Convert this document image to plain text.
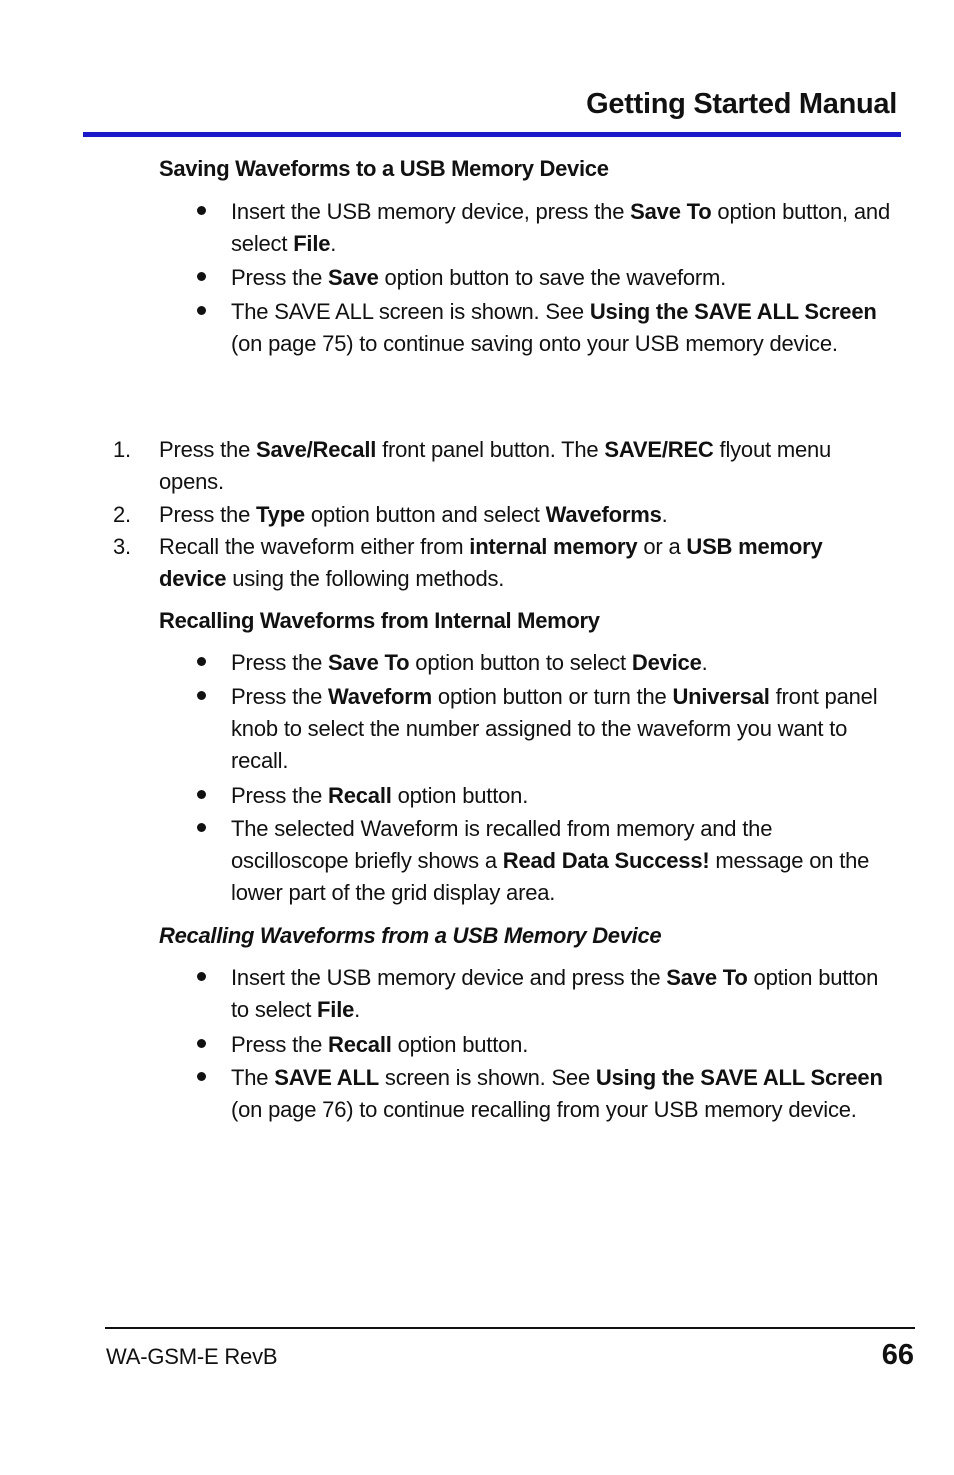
Getting Started Manual
Saving Waveforms to a USB Memory Device
Insert the USB memory device, press the Save To option button, and select File.
Press the Save option button to save the waveform.
The SAVE ALL screen is shown. See Using the SAVE ALL Screen (on page 75) to continue saving onto your USB memory device.
1. Press the Save/Recall front panel button. The SAVE/REC flyout menu opens.
2. Press the Type option button and select Waveforms.
3. Recall the waveform either from internal memory or a USB memory device using the following methods.
Recalling Waveforms from Internal Memory
Press the Save To option button to select Device.
Press the Waveform option button or turn the Universal front panel knob to select the number assigned to the waveform you want to recall.
Press the Recall option button.
The selected Waveform is recalled from memory and the oscilloscope briefly shows a Read Data Success! message on the lower part of the grid display area.
Recalling Waveforms from a USB Memory Device
Insert the USB memory device and press the Save To option button to select File.
Press the Recall option button.
The SAVE ALL screen is shown. See Using the SAVE ALL Screen (on page 76) to continue recalling from your USB memory device.
WA-GSM-E RevB	66
